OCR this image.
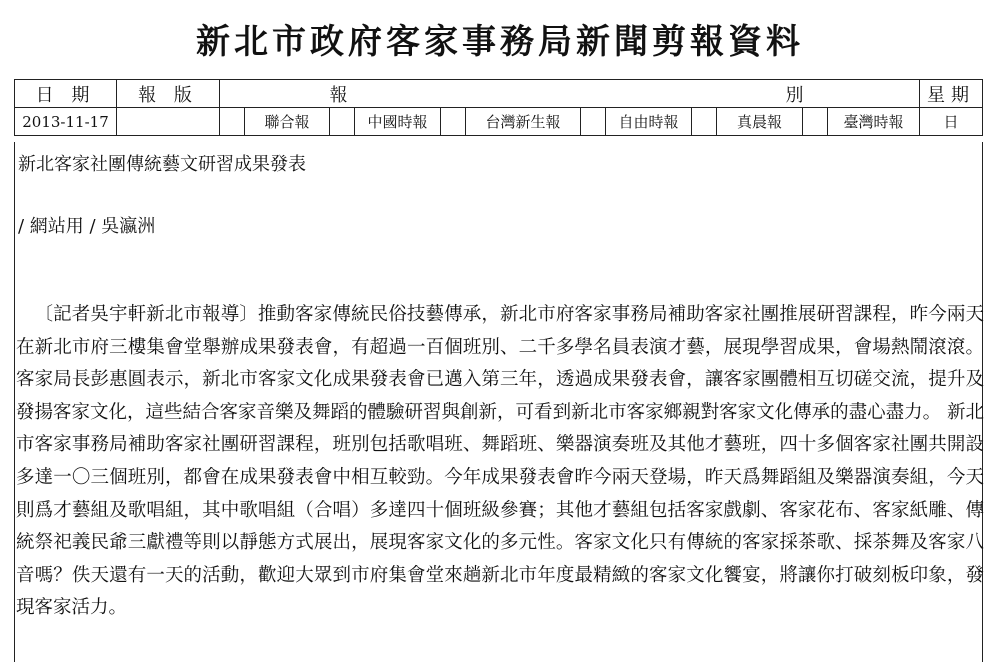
新北市政府客家事務局新聞剪報資料
日 期	報 版	報 別												星期
2013-11-17			聯合報		中國時報		台灣新生報		自由時報		真晨報		臺灣時報	日
新北客家社團傳統藝文研習成果發表
/ 網站用 / 吳瀛洲

〔記者吳宇軒新北市報導〕推動客家傳統民俗技藝傳承，新北市府客家事務局補助客家社團推展研習課程，昨今兩天在新北市府三樓集會堂舉辦成果發表會，有超過一百個班別、二千多學名員表演才藝，展現學習成果，會場熱鬧滾滾。客家局長彭惠圓表示，新北市客家文化成果發表會已邁入第三年，透過成果發表會，讓客家團體相互切磋交流，提升及發揚客家文化，這些結合客家音樂及舞蹈的體驗研習與創新，可看到新北市客家鄉親對客家文化傳承的盡心盡力。 新北市客家事務局補助客家社團研習課程，班別包括歌唱班、舞蹈班、樂器演奏班及其他才藝班，四十多個客家社團共開設多達一〇三個班別，都會在成果發表會中相互較勁。今年成果發表會昨今兩天登場，昨天爲舞蹈組及樂器演奏組，今天則爲才藝組及歌唱組，其中歌唱組（合唱）多達四十個班級參賽；其他才藝組包括客家戲劇、客家花布、客家紙雕、傳統祭祀義民爺三獻禮等則以靜態方式展出，展現客家文化的多元性。客家文化只有傳統的客家採茶歌、採茶舞及客家八音嗎？佚天還有一天的活動，歡迎大眾到市府集會堂來趟新北市年度最精緻的客家文化饗宴，將讓你打破刻板印象，發現客家活力。
